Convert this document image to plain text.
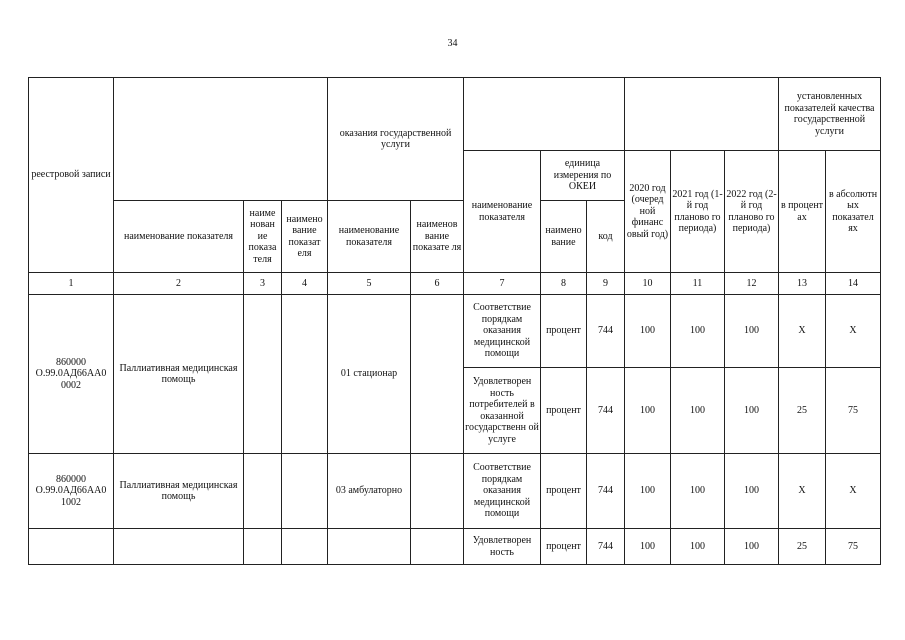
34
реестровой записи				оказания государственной услуги								установленных показателей качества государственной услуги	
						наименование показателя	единица измерения по ОКЕИ		2020 год (очеред ной финанс овый год)	2021 год (1-й год планово го периода)	2022 год (2-й год планово го периода)	в процент ах	в абсолютн ых показател ях
	наименование показателя	наиме нован ие показа теля	наимено вание показат еля	наименование показателя	наименов вание показате ля		наимено вание	код					
1	2	3	4	5	6	7	8	9	10	11	12	13	14
860000 О.99.0АД66АА0 0002	Паллиативная медицинская помощь			01 стационар		Соответствие порядкам оказания медицинской помощи	процент	744	100	100	100	Х	Х
						Удовлетворен ность потребителей в оказанной государственн ой услуге	процент	744	100	100	100	25	75
860000 О.99.0АД66АА0 1002	Паллиативная медицинская помощь			03 амбулаторно		Соответствие порядкам оказания медицинской помощи	процент	744	100	100	100	Х	Х
						Удовлетворен ность	процент	744	100	100	100	25	75
